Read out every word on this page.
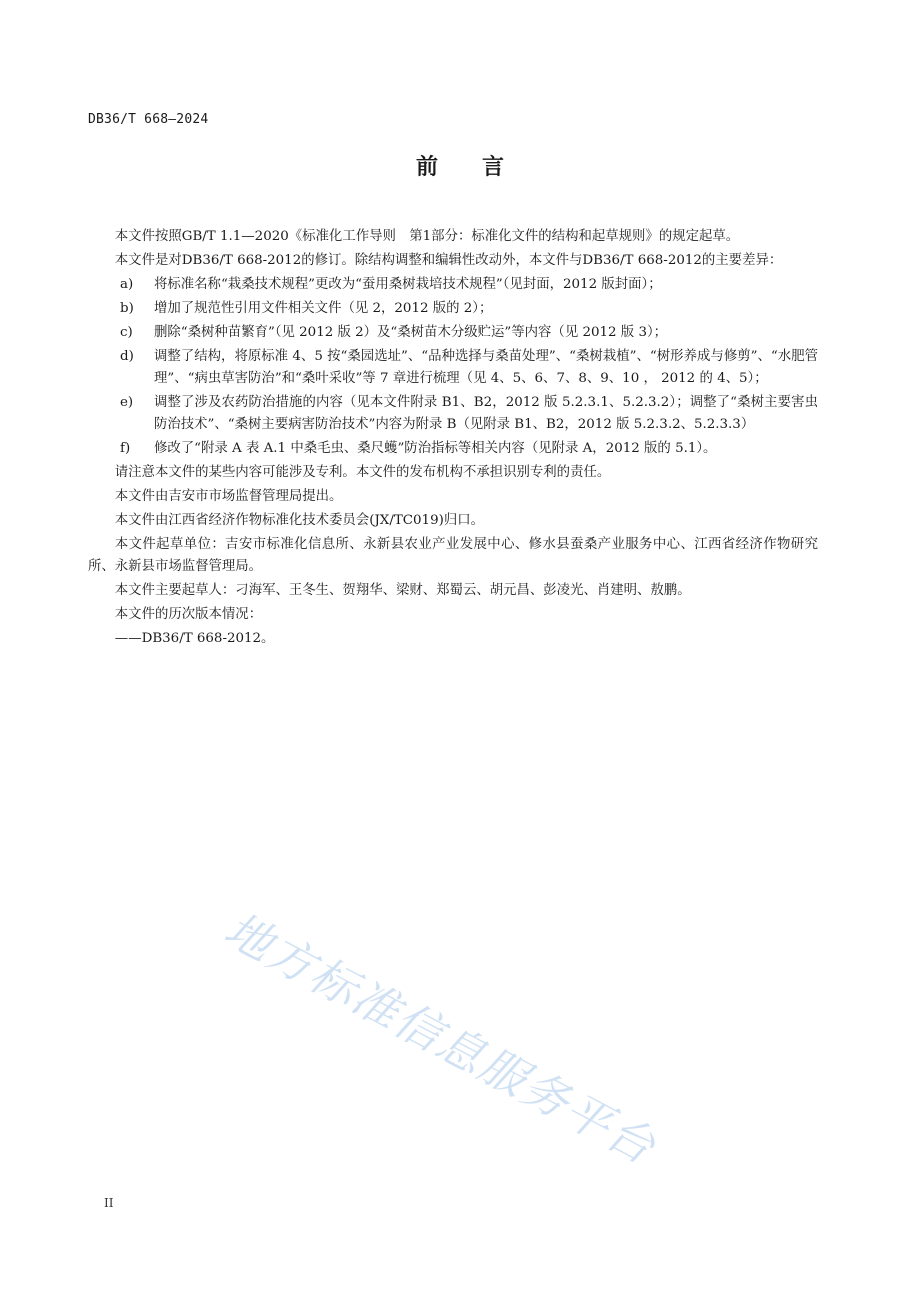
DB36/T 668—2024
前言

本文件按照GB/T 1.1—2020《标准化工作导则　第1部分：标准化文件的结构和起草规则》的规定起草。

本文件是对DB36/T 668-2012的修订。除结构调整和编辑性改动外，本文件与DB36/T 668-2012的主要差异：

a) 将标准名称“栽桑技术规程”更改为“蚕用桑树栽培技术规程”（见封面，2012 版封面）；
b) 增加了规范性引用文件相关文件（见 2，2012 版的 2）；
c) 删除“桑树种苗繁育”（见 2012 版 2）及“桑树苗木分级贮运”等内容（见 2012 版 3）；
d) 调整了结构，将原标准 4、5 按“桑园选址”、“品种选择与桑苗处理”、“桑树栽植”、“树形养成与修剪”、“水肥管理”、“病虫草害防治”和“桑叶采收”等 7 章进行梳理（见 4、5、6、7、8、9、10 ， 2012 的 4、5）；
e) 调整了涉及农药防治措施的内容（见本文件附录 B1、B2，2012 版 5.2.3.1、5.2.3.2）；调整了“桑树主要害虫防治技术”、“桑树主要病害防治技术”内容为附录 B（见附录 B1、B2，2012 版 5.2.3.2、5.2.3.3）
f) 修改了“附录 A 表 A.1 中桑毛虫、桑尺蠖”防治指标等相关内容（见附录 A，2012 版的 5.1）。

请注意本文件的某些内容可能涉及专利。本文件的发布机构不承担识别专利的责任。

本文件由吉安市市场监督管理局提出。

本文件由江西省经济作物标准化技术委员会(JX/TC019)归口。

本文件起草单位：吉安市标准化信息所、永新县农业产业发展中心、修水县蚕桑产业服务中心、江西省经济作物研究所、永新县市场监督管理局。

本文件主要起草人：刁海军、王冬生、贺翔华、梁财、郑蜀云、胡元昌、彭凌光、肖建明、敖鹏。

本文件的历次版本情况：

——DB36/T 668-2012。

地方标准信息服务平台
II
